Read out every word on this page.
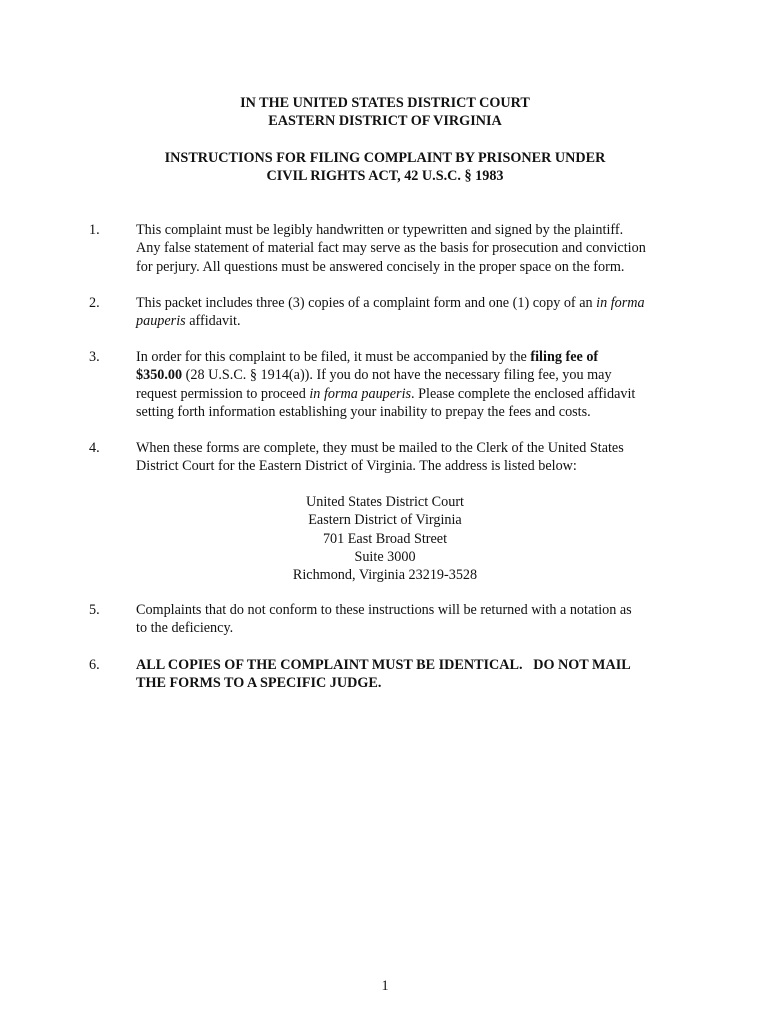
IN THE UNITED STATES DISTRICT COURT
EASTERN DISTRICT OF VIRGINIA
INSTRUCTIONS FOR FILING COMPLAINT BY PRISONER UNDER
CIVIL RIGHTS ACT, 42 U.S.C. § 1983
1.	This complaint must be legibly handwritten or typewritten and signed by the plaintiff.
Any false statement of material fact may serve as the basis for prosecution and conviction
for perjury. All questions must be answered concisely in the proper space on the form.
2.	This packet includes three (3) copies of a complaint form and one (1) copy of an in forma
pauperis affidavit.
3.	In order for this complaint to be filed, it must be accompanied by the filing fee of
$350.00 (28 U.S.C. § 1914(a)). If you do not have the necessary filing fee, you may
request permission to proceed in forma pauperis. Please complete the enclosed affidavit
setting forth information establishing your inability to prepay the fees and costs.
4.	When these forms are complete, they must be mailed to the Clerk of the United States
District Court for the Eastern District of Virginia. The address is listed below:
United States District Court
Eastern District of Virginia
701 East Broad Street
Suite 3000
Richmond, Virginia 23219-3528
5.	Complaints that do not conform to these instructions will be returned with a notation as
to the deficiency.
6.	ALL COPIES OF THE COMPLAINT MUST BE IDENTICAL.   DO NOT MAIL
THE FORMS TO A SPECIFIC JUDGE.
1
